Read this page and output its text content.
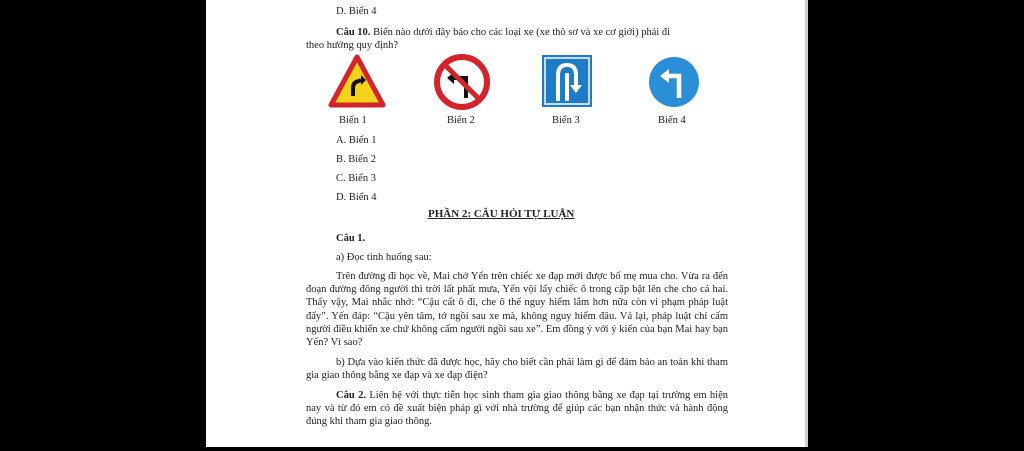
D. Biển 4
Câu 10. Biển nào dưới đây báo cho các loại xe (xe thô sơ và xe cơ giới) phải đi
theo hướng quy định?
Biển 1	Biển 2	Biển 3	Biển 4
A. Biển 1
B. Biển 2
C. Biển 3
D. Biển 4
PHẦN 2: CÂU HỎI TỰ LUẬN
Câu 1.
a) Đọc tình huống sau:
Trên đường đi học về, Mai chở Yến trên chiếc xe đạp mới được bố mẹ mua cho. Vừa ra đến đoạn đường đông người thì trời lất phất mưa, Yến vội lấy chiếc ô trong cặp bật lên che cho cả hai. Thấy vậy, Mai nhắc nhở: “Cậu cất ô đi, che ô thế nguy hiểm lắm hơn nữa còn vi phạm pháp luật đấy”. Yến đáp: “Cậu yên tâm, tớ ngồi sau xe mà, không nguy hiểm đâu. Vả lại, pháp luật chỉ cấm người điều khiển xe chứ không cấm người ngồi sau xe”. Em đồng ý với ý kiến của bạn Mai hay bạn Yến? Vì sao?
b) Dựa vào kiến thức đã được học, hãy cho biết cần phải làm gì để đảm bảo an toàn khi tham gia giao thông bằng xe đạp và xe đạp điện?
Câu 2. Liên hệ với thực tiễn học sinh tham gia giao thông bằng xe đạp tại trường em hiện nay và từ đó em có đề xuất biện pháp gì với nhà trường để giúp các bạn nhận thức và hành động đúng khi tham gia giao thông.
